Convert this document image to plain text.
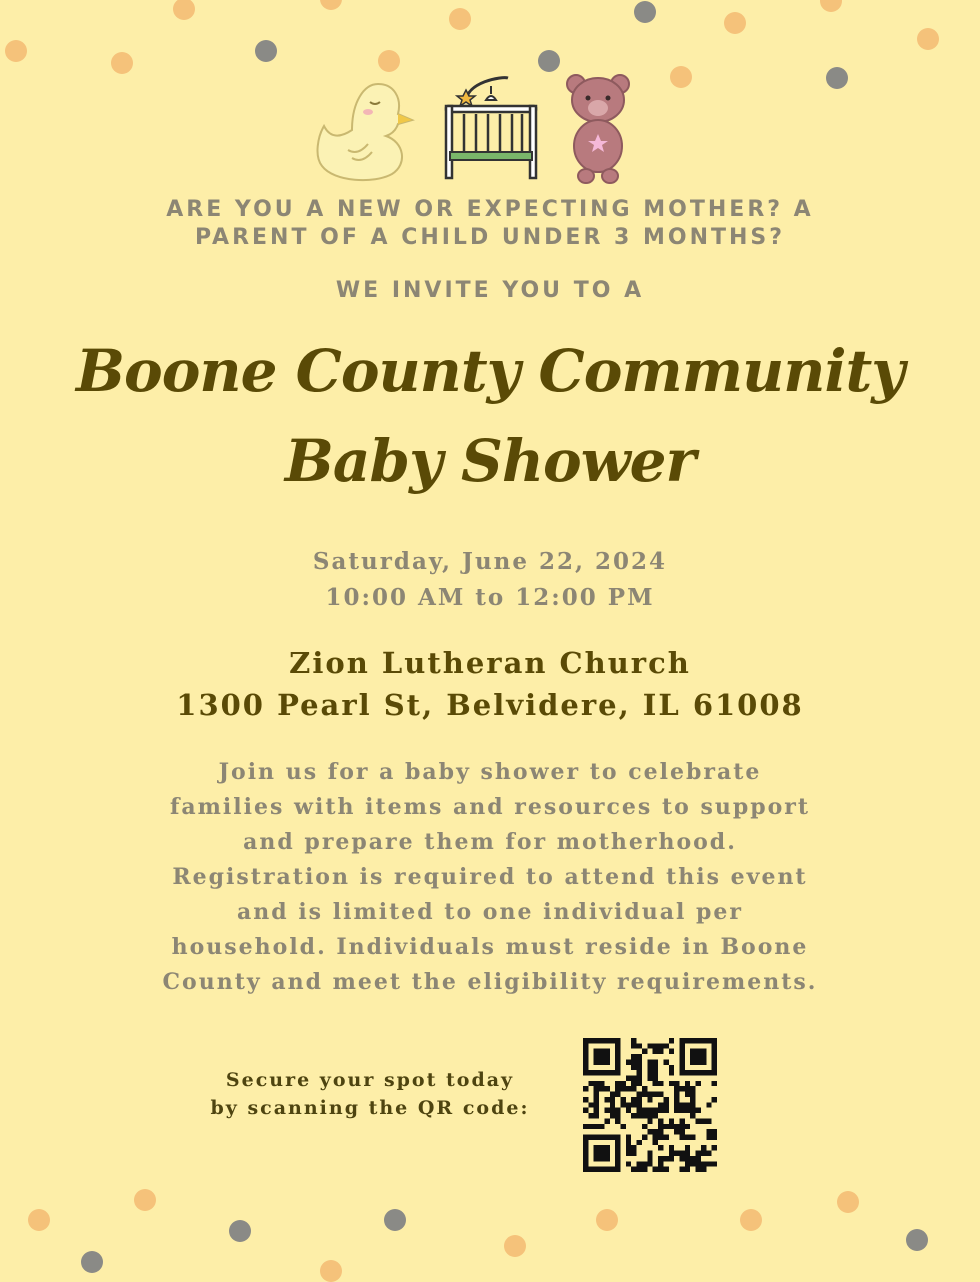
ARE YOU A NEW OR EXPECTING MOTHER? A
PARENT OF A CHILD UNDER 3 MONTHS?
WE INVITE YOU TO A
Boone County Community
Baby Shower
Saturday, June 22, 2024
10:00 AM to 12:00 PM
Zion Lutheran Church
1300 Pearl St, Belvidere, IL 61008
Join us for a baby shower to celebrate families with items and resources to support and prepare them for motherhood. Registration is required to attend this event and is limited to one individual per household. Individuals must reside in Boone County and meet the eligibility requirements.
Secure your spot today
by scanning the QR code:
